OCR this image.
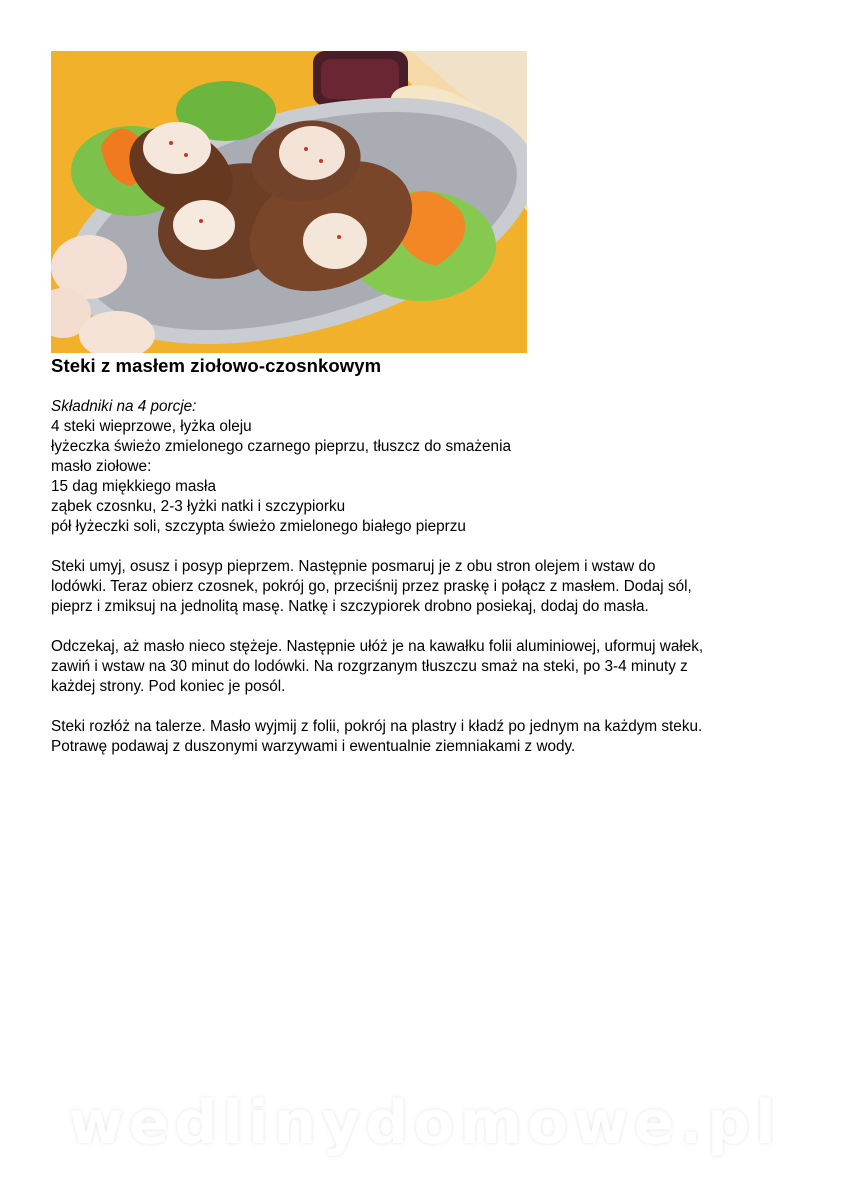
Steki z masłem ziołowo-czosnkowym

Składniki na 4 porcje:
4 steki wieprzowe, łyżka oleju
łyżeczka świeżo zmielonego czarnego pieprzu, tłuszcz do smażenia
masło ziołowe:
15 dag miękkiego masła
ząbek czosnku, 2-3 łyżki natki i szczypiorku
pół łyżeczki soli, szczypta świeżo zmielonego białego pieprzu

Steki umyj, osusz i posyp pieprzem. Następnie posmaruj je z obu stron olejem i wstaw do
lodówki. Teraz obierz czosnek, pokrój go, przeciśnij przez praskę i połącz z masłem. Dodaj sól,
pieprz i zmiksuj na jednolitą masę. Natkę i szczypiorek drobno posiekaj, dodaj do masła.

Odczekaj, aż masło nieco stężeje. Następnie ułóż je na kawałku folii aluminiowej, uformuj wałek,
zawiń i wstaw na 30 minut do lodówki. Na rozgrzanym tłuszczu smaż na steki, po 3-4 minuty z
każdej strony. Pod koniec je posól.

Steki rozłóż na talerze. Masło wyjmij z folii, pokrój na plastry i kładź po jednym na każdym steku.
Potrawę podawaj z duszonymi warzywami i ewentualnie ziemniakami z wody.

wedlinydomowe.pl
